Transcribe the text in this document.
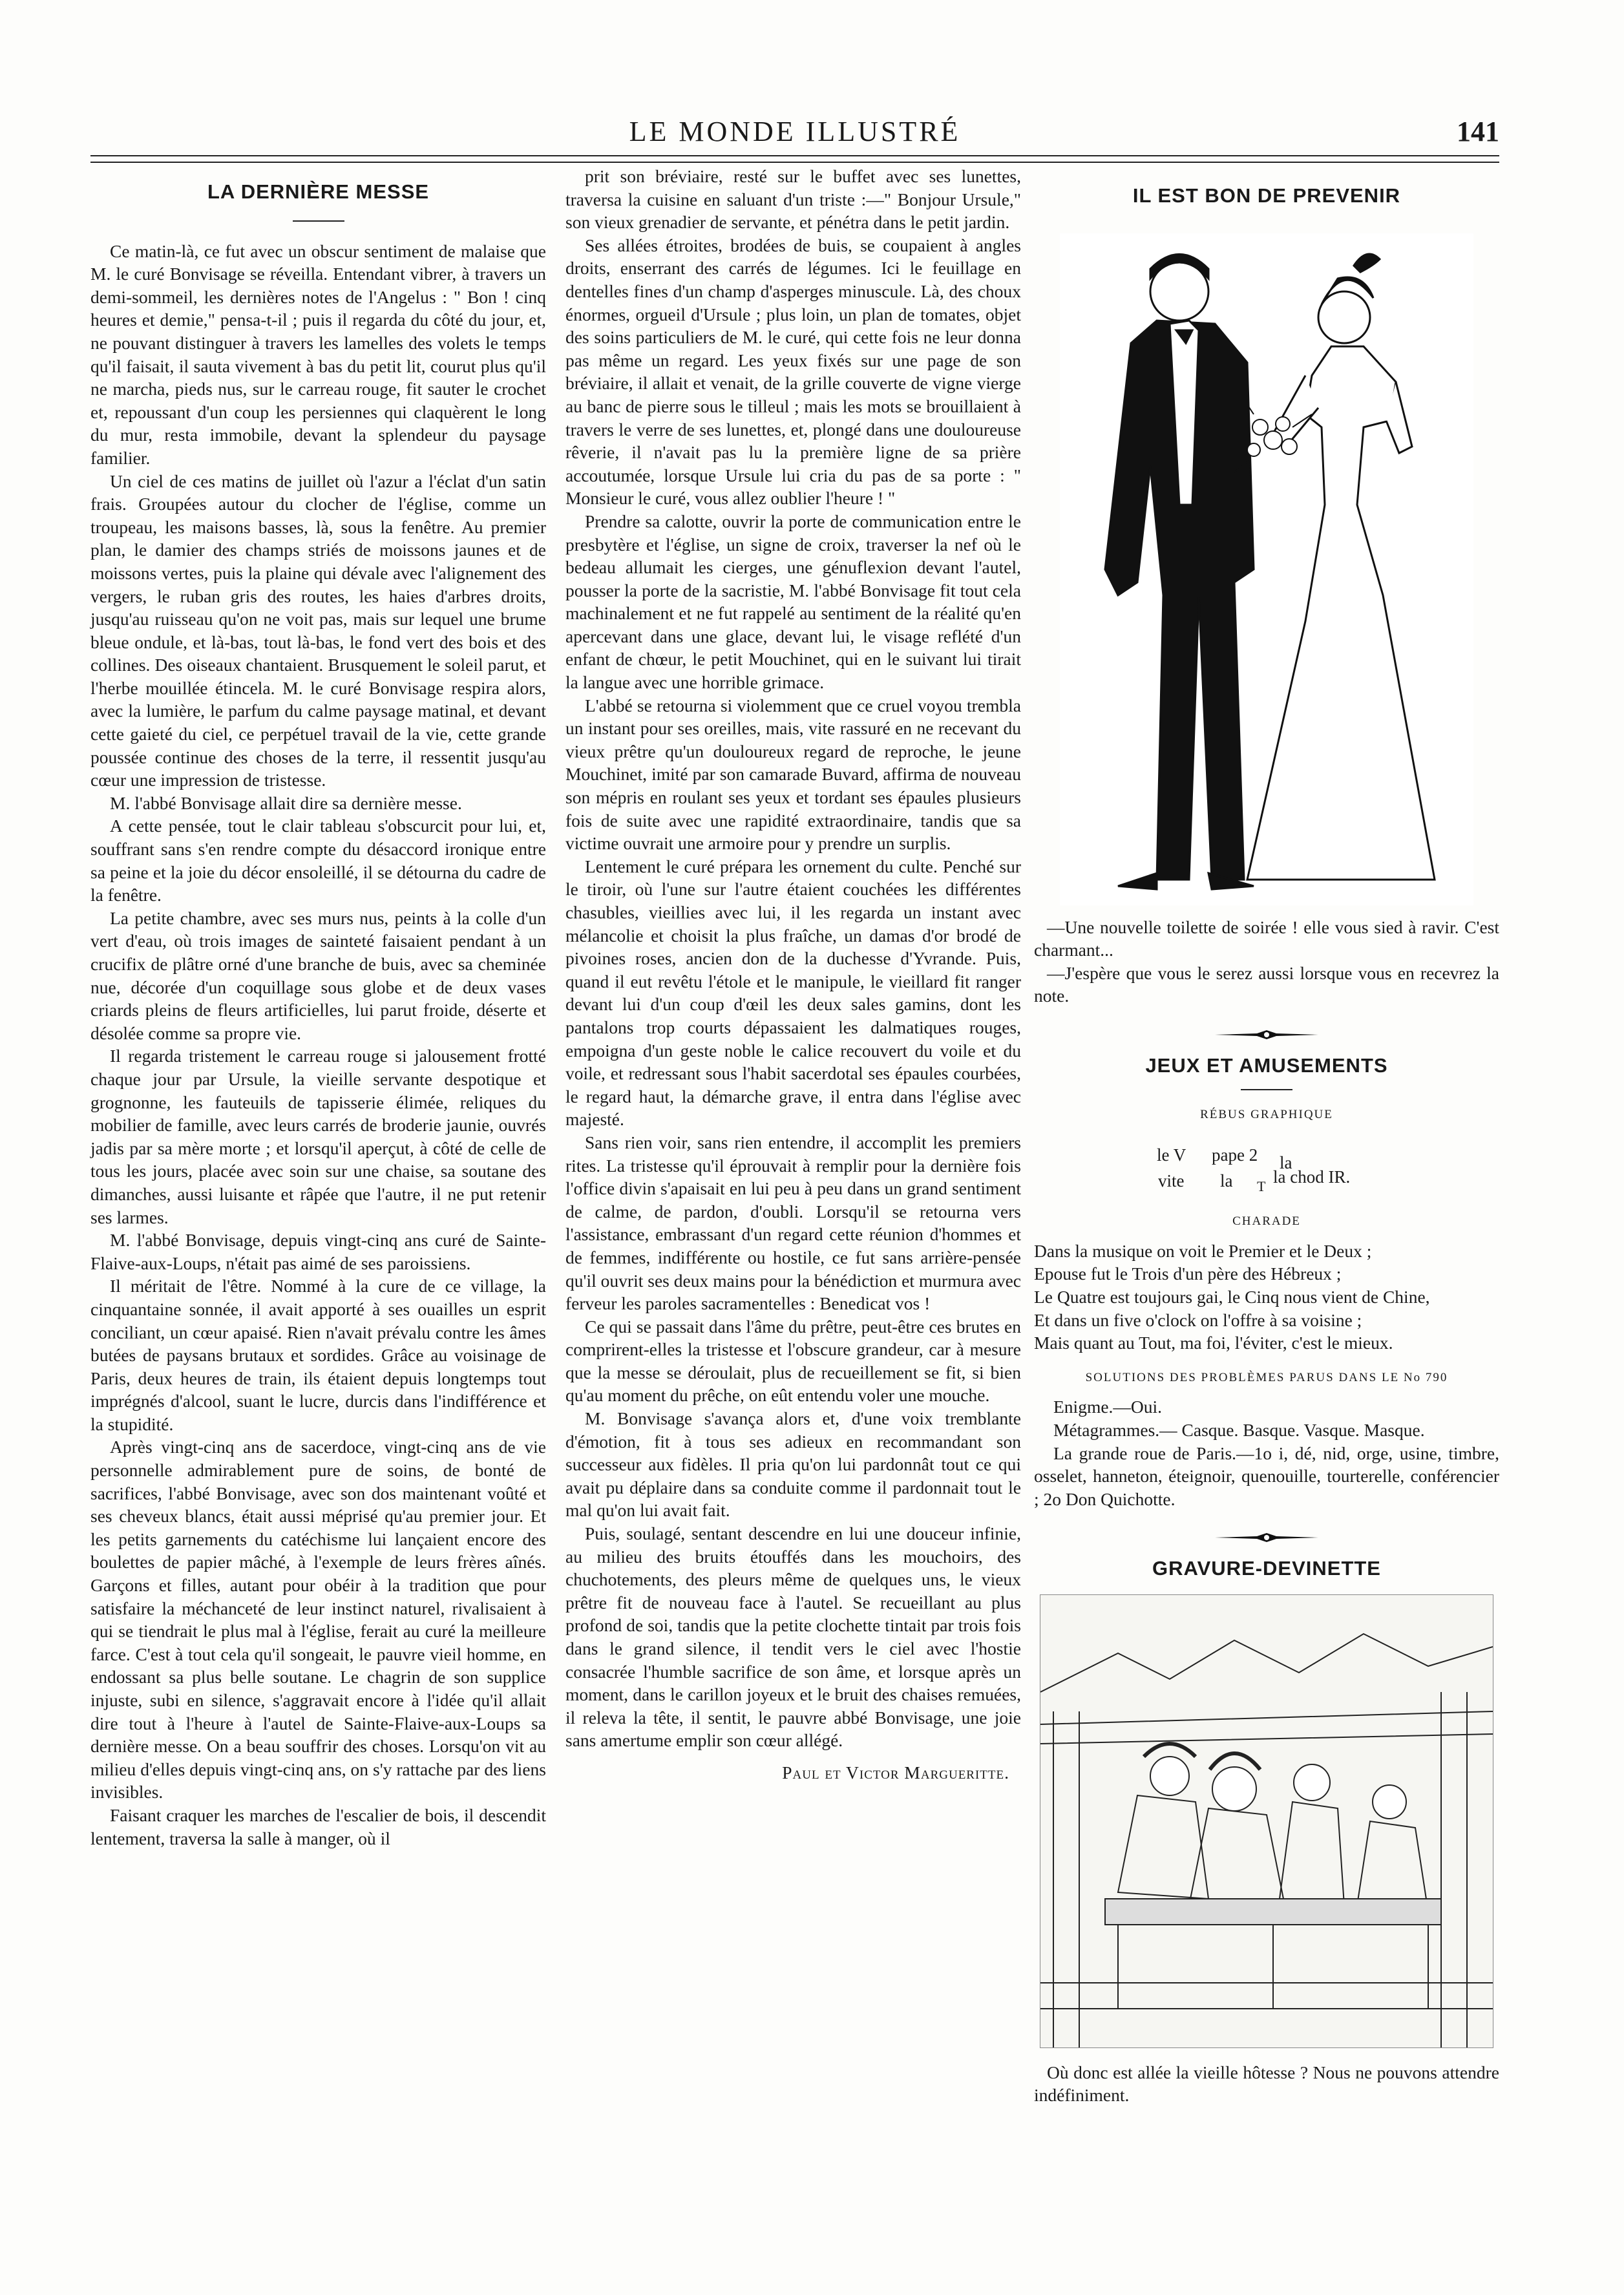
LE MONDE ILLUSTRÉ	141
LA DERNIÈRE MESSE

Ce matin-là, ce fut avec un obscur sentiment de malaise que M. le curé Bonvisage se réveilla. Entendant vibrer, à travers un demi-sommeil, les dernières notes de l'Angelus : " Bon ! cinq heures et demie," pensa-t-il ; puis il regarda du côté du jour, et, ne pouvant distinguer à travers les lamelles des volets le temps qu'il faisait, il sauta vivement à bas du petit lit, courut plus qu'il ne marcha, pieds nus, sur le carreau rouge, fit sauter le crochet et, repoussant d'un coup les persiennes qui claquèrent le long du mur, resta immobile, devant la splendeur du paysage familier.

Un ciel de ces matins de juillet où l'azur a l'éclat d'un satin frais. Groupées autour du clocher de l'église, comme un troupeau, les maisons basses, là, sous la fenêtre. Au premier plan, le damier des champs striés de moissons jaunes et de moissons vertes, puis la plaine qui dévale avec l'alignement des vergers, le ruban gris des routes, les haies d'arbres droits, jusqu'au ruisseau qu'on ne voit pas, mais sur lequel une brume bleue ondule, et là-bas, tout là-bas, le fond vert des bois et des collines. Des oiseaux chantaient. Brusquement le soleil parut, et l'herbe mouillée étincela. M. le curé Bonvisage respira alors, avec la lumière, le parfum du calme paysage matinal, et devant cette gaieté du ciel, ce perpétuel travail de la vie, cette grande poussée continue des choses de la terre, il ressentit jusqu'au cœur une impression de tristesse.

M. l'abbé Bonvisage allait dire sa dernière messe.

A cette pensée, tout le clair tableau s'obscurcit pour lui, et, souffrant sans s'en rendre compte du désaccord ironique entre sa peine et la joie du décor ensoleillé, il se détourna du cadre de la fenêtre.

La petite chambre, avec ses murs nus, peints à la colle d'un vert d'eau, où trois images de sainteté faisaient pendant à un crucifix de plâtre orné d'une branche de buis, avec sa cheminée nue, décorée d'un coquillage sous globe et de deux vases criards pleins de fleurs artificielles, lui parut froide, déserte et désolée comme sa propre vie.

Il regarda tristement le carreau rouge si jalousement frotté chaque jour par Ursule, la vieille servante despotique et grognonne, les fauteuils de tapisserie élimée, reliques du mobilier de famille, avec leurs carrés de broderie jaunie, ouvrés jadis par sa mère morte ; et lorsqu'il aperçut, à côté de celle de tous les jours, placée avec soin sur une chaise, sa soutane des dimanches, aussi luisante et râpée que l'autre, il ne put retenir ses larmes.

M. l'abbé Bonvisage, depuis vingt-cinq ans curé de Sainte-Flaive-aux-Loups, n'était pas aimé de ses paroissiens.

Il méritait de l'être. Nommé à la cure de ce village, la cinquantaine sonnée, il avait apporté à ses ouailles un esprit conciliant, un cœur apaisé. Rien n'avait prévalu contre les âmes butées de paysans brutaux et sordides. Grâce au voisinage de Paris, deux heures de train, ils étaient depuis longtemps tout imprégnés d'alcool, suant le lucre, durcis dans l'indifférence et la stupidité.

Après vingt-cinq ans de sacerdoce, vingt-cinq ans de vie personnelle admirablement pure de soins, de bonté de sacrifices, l'abbé Bonvisage, avec son dos maintenant voûté et ses cheveux blancs, était aussi méprisé qu'au premier jour. Et les petits garnements du catéchisme lui lançaient encore des boulettes de papier mâché, à l'exemple de leurs frères aînés. Garçons et filles, autant pour obéir à la tradition que pour satisfaire la méchanceté de leur instinct naturel, rivalisaient à qui se tiendrait le plus mal à l'église, ferait au curé la meilleure farce. C'est à tout cela qu'il songeait, le pauvre vieil homme, en endossant sa plus belle soutane. Le chagrin de son supplice injuste, subi en silence, s'aggravait encore à l'idée qu'il allait dire tout à l'heure à l'autel de Sainte-Flaive-aux-Loups sa dernière messe. On a beau souffrir des choses. Lorsqu'on vit au milieu d'elles depuis vingt-cinq ans, on s'y rattache par des liens invisibles.

Faisant craquer les marches de l'escalier de bois, il descendit lentement, traversa la salle à manger, où il

prit son bréviaire, resté sur le buffet avec ses lunettes, traversa la cuisine en saluant d'un triste :—" Bonjour Ursule," son vieux grenadier de servante, et pénétra dans le petit jardin.

Ses allées étroites, brodées de buis, se coupaient à angles droits, enserrant des carrés de légumes. Ici le feuillage en dentelles fines d'un champ d'asperges minuscule. Là, des choux énormes, orgueil d'Ursule ; plus loin, un plan de tomates, objet des soins particuliers de M. le curé, qui cette fois ne leur donna pas même un regard. Les yeux fixés sur une page de son bréviaire, il allait et venait, de la grille couverte de vigne vierge au banc de pierre sous le tilleul ; mais les mots se brouillaient à travers le verre de ses lunettes, et, plongé dans une douloureuse rêverie, il n'avait pas lu la première ligne de sa prière accoutumée, lorsque Ursule lui cria du pas de sa porte : " Monsieur le curé, vous allez oublier l'heure ! "

Prendre sa calotte, ouvrir la porte de communication entre le presbytère et l'église, un signe de croix, traverser la nef où le bedeau allumait les cierges, une génuflexion devant l'autel, pousser la porte de la sacristie, M. l'abbé Bonvisage fit tout cela machinalement et ne fut rappelé au sentiment de la réalité qu'en apercevant dans une glace, devant lui, le visage reflété d'un enfant de chœur, le petit Mouchinet, qui en le suivant lui tirait la langue avec une horrible grimace.

L'abbé se retourna si violemment que ce cruel voyou trembla un instant pour ses oreilles, mais, vite rassuré en ne recevant du vieux prêtre qu'un douloureux regard de reproche, le jeune Mouchinet, imité par son camarade Buvard, affirma de nouveau son mépris en roulant ses yeux et tordant ses épaules plusieurs fois de suite avec une rapidité extraordinaire, tandis que sa victime ouvrait une armoire pour y prendre un surplis.

Lentement le curé prépara les ornement du culte. Penché sur le tiroir, où l'une sur l'autre étaient couchées les différentes chasubles, vieillies avec lui, il les regarda un instant avec mélancolie et choisit la plus fraîche, un damas d'or brodé de pivoines roses, ancien don de la duchesse d'Yvrande. Puis, quand il eut revêtu l'étole et le manipule, le vieillard fit ranger devant lui d'un coup d'œil les deux sales gamins, dont les pantalons trop courts dépassaient les dalmatiques rouges, empoigna d'un geste noble le calice recouvert du voile et du voile, et redressant sous l'habit sacerdotal ses épaules courbées, le regard haut, la démarche grave, il entra dans l'église avec majesté.

Sans rien voir, sans rien entendre, il accomplit les premiers rites. La tristesse qu'il éprouvait à remplir pour la dernière fois l'office divin s'apaisait en lui peu à peu dans un grand sentiment de calme, de pardon, d'oubli. Lorsqu'il se retourna vers l'assistance, embrassant d'un regard cette réunion d'hommes et de femmes, indifférente ou hostile, ce fut sans arrière-pensée qu'il ouvrit ses deux mains pour la bénédiction et murmura avec ferveur les paroles sacramentelles : Benedicat vos !

Ce qui se passait dans l'âme du prêtre, peut-être ces brutes en comprirent-elles la tristesse et l'obscure grandeur, car à mesure que la messe se déroulait, plus de recueillement se fit, si bien qu'au moment du prêche, on eût entendu voler une mouche.

M. Bonvisage s'avança alors et, d'une voix tremblante d'émotion, fit à tous ses adieux en recommandant son successeur aux fidèles. Il pria qu'on lui pardonnât tout ce qui avait pu déplaire dans sa conduite comme il pardonnait tout le mal qu'on lui avait fait.

Puis, soulagé, sentant descendre en lui une douceur infinie, au milieu des bruits étouffés dans les mouchoirs, des chuchotements, des pleurs même de quelques uns, le vieux prêtre fit de nouveau face à l'autel. Se recueillant au plus profond de soi, tandis que la petite clochette tintait par trois fois dans le grand silence, il tendit vers le ciel avec l'hostie consacrée l'humble sacrifice de son âme, et lorsque après un moment, dans le carillon joyeux et le bruit des chaises remuées, il releva la tête, il sentit, le pauvre abbé Bonvisage, une joie sans amertume emplir son cœur allégé.

Paul et Victor Margueritte.
IL EST BON DE PREVENIR

—Une nouvelle toilette de soirée ! elle vous sied à ravir. C'est charmant...

—J'espère que vous le serez aussi lorsque vous en recevrez la note.

JEUX ET AMUSEMENTS
RÉBUS GRAPHIQUE
le V pape 2 la
vite la T la chod IR.
CHARADE

Dans la musique on voit le Premier et le Deux ;

Epouse fut le Trois d'un père des Hébreux ;

Le Quatre est toujours gai, le Cinq nous vient de Chine,

Et dans un five o'clock on l'offre à sa voisine ;

Mais quant au Tout, ma foi, l'éviter, c'est le mieux.

SOLUTIONS DES PROBLÈMES PARUS DANS LE No 790

Enigme.—Oui.

Métagrammes.— Casque. Basque. Vasque. Masque.

La grande roue de Paris.—1o i, dé, nid, orge, usine, timbre, osselet, hanneton, éteignoir, quenouille, tourterelle, conférencier ; 2o Don Quichotte.

GRAVURE-DEVINETTE

Où donc est allée la vieille hôtesse ? Nous ne pouvons attendre indéfiniment.
